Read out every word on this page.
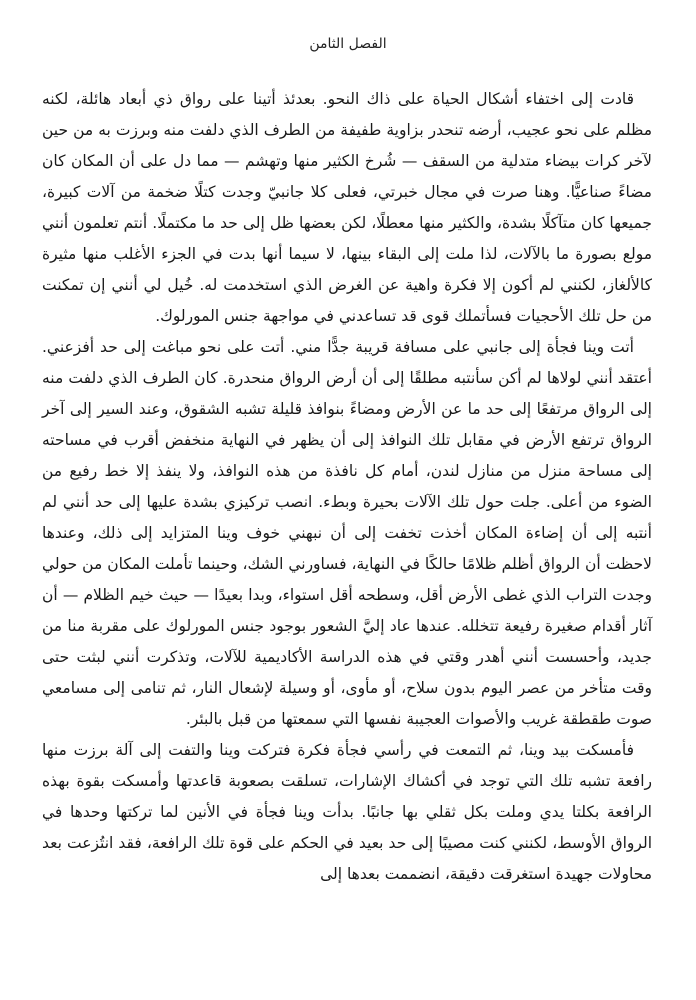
الفصل الثامن

قادت إلى اختفاء أشكال الحياة على ذاك النحو. بعدئذ أتينا على رواق ذي أبعاد هائلة، لكنه مظلم على نحو عجيب، أرضه تنحدر بزاوية طفيفة من الطرف الذي دلفت منه وبرزت به من حين لآخر كرات بيضاء متدلية من السقف — شُرخ الكثير منها وتهشم — مما دل على أن المكان كان مضاءً صناعيًّا. وهنا صرت في مجال خبرتي، فعلى كلا جانبيّ وجدت كتلًا ضخمة من آلات كبيرة، جميعها كان متآكلًا بشدة، والكثير منها معطلًا، لكن بعضها ظل إلى حد ما مكتملًا. أنتم تعلمون أنني مولع بصورة ما بالآلات، لذا ملت إلى البقاء بينها، لا سيما أنها بدت في الجزء الأغلب منها مثيرة كالألغاز، لكنني لم أكون إلا فكرة واهية عن الغرض الذي استخدمت له. خُيل لي أنني إن تمكنت من حل تلك الأحجيات فسأتملك قوى قد تساعدني في مواجهة جنس المورلوك.

أتت وينا فجأة إلى جانبي على مسافة قريبة جدًّا مني. أتت على نحو مباغت إلى حد أفزعني. أعتقد أنني لولاها لم أكن سأنتبه مطلقًا إلى أن أرض الرواق منحدرة. كان الطرف الذي دلفت منه إلى الرواق مرتفعًا إلى حد ما عن الأرض ومضاءً بنوافذ قليلة تشبه الشقوق، وعند السير إلى آخر الرواق ترتفع الأرض في مقابل تلك النوافذ إلى أن يظهر في النهاية منخفض أقرب في مساحته إلى مساحة منزل من منازل لندن، أمام كل نافذة من هذه النوافذ، ولا ينفذ إلا خط رفيع من الضوء من أعلى. جلت حول تلك الآلات بحيرة وبطء. انصب تركيزي بشدة عليها إلى حد أنني لم أنتبه إلى أن إضاءة المكان أخذت تخفت إلى أن نبهني خوف وينا المتزايد إلى ذلك، وعندها لاحظت أن الرواق أظلم ظلامًا حالكًا في النهاية، فساورني الشك، وحينما تأملت المكان من حولي وجدت التراب الذي غطى الأرض أقل، وسطحه أقل استواء، وبدا بعيدًا — حيث خيم الظلام — أن آثار أقدام صغيرة رفيعة تتخلله. عندها عاد إليَّ الشعور بوجود جنس المورلوك على مقربة منا من جديد، وأحسست أنني أهدر وقتي في هذه الدراسة الأكاديمية للآلات، وتذكرت أنني لبثت حتى وقت متأخر من عصر اليوم بدون سلاح، أو مأوى، أو وسيلة لإشعال النار، ثم تنامى إلى مسامعي صوت طقطقة غريب والأصوات العجيبة نفسها التي سمعتها من قبل بالبئر.

فأمسكت بيد وينا، ثم التمعت في رأسي فجأة فكرة فتركت وينا والتفت إلى آلة برزت منها رافعة تشبه تلك التي توجد في أكشاك الإشارات، تسلقت بصعوبة قاعدتها وأمسكت بقوة بهذه الرافعة بكلتا يدي وملت بكل ثقلي بها جانبًا. بدأت وينا فجأة في الأنين لما تركتها وحدها في الرواق الأوسط، لكنني كنت مصيبًا إلى حد بعيد في الحكم على قوة تلك الرافعة، فقد انتُزعت بعد محاولات جهيدة استغرقت دقيقة، انضممت بعدها إلى
